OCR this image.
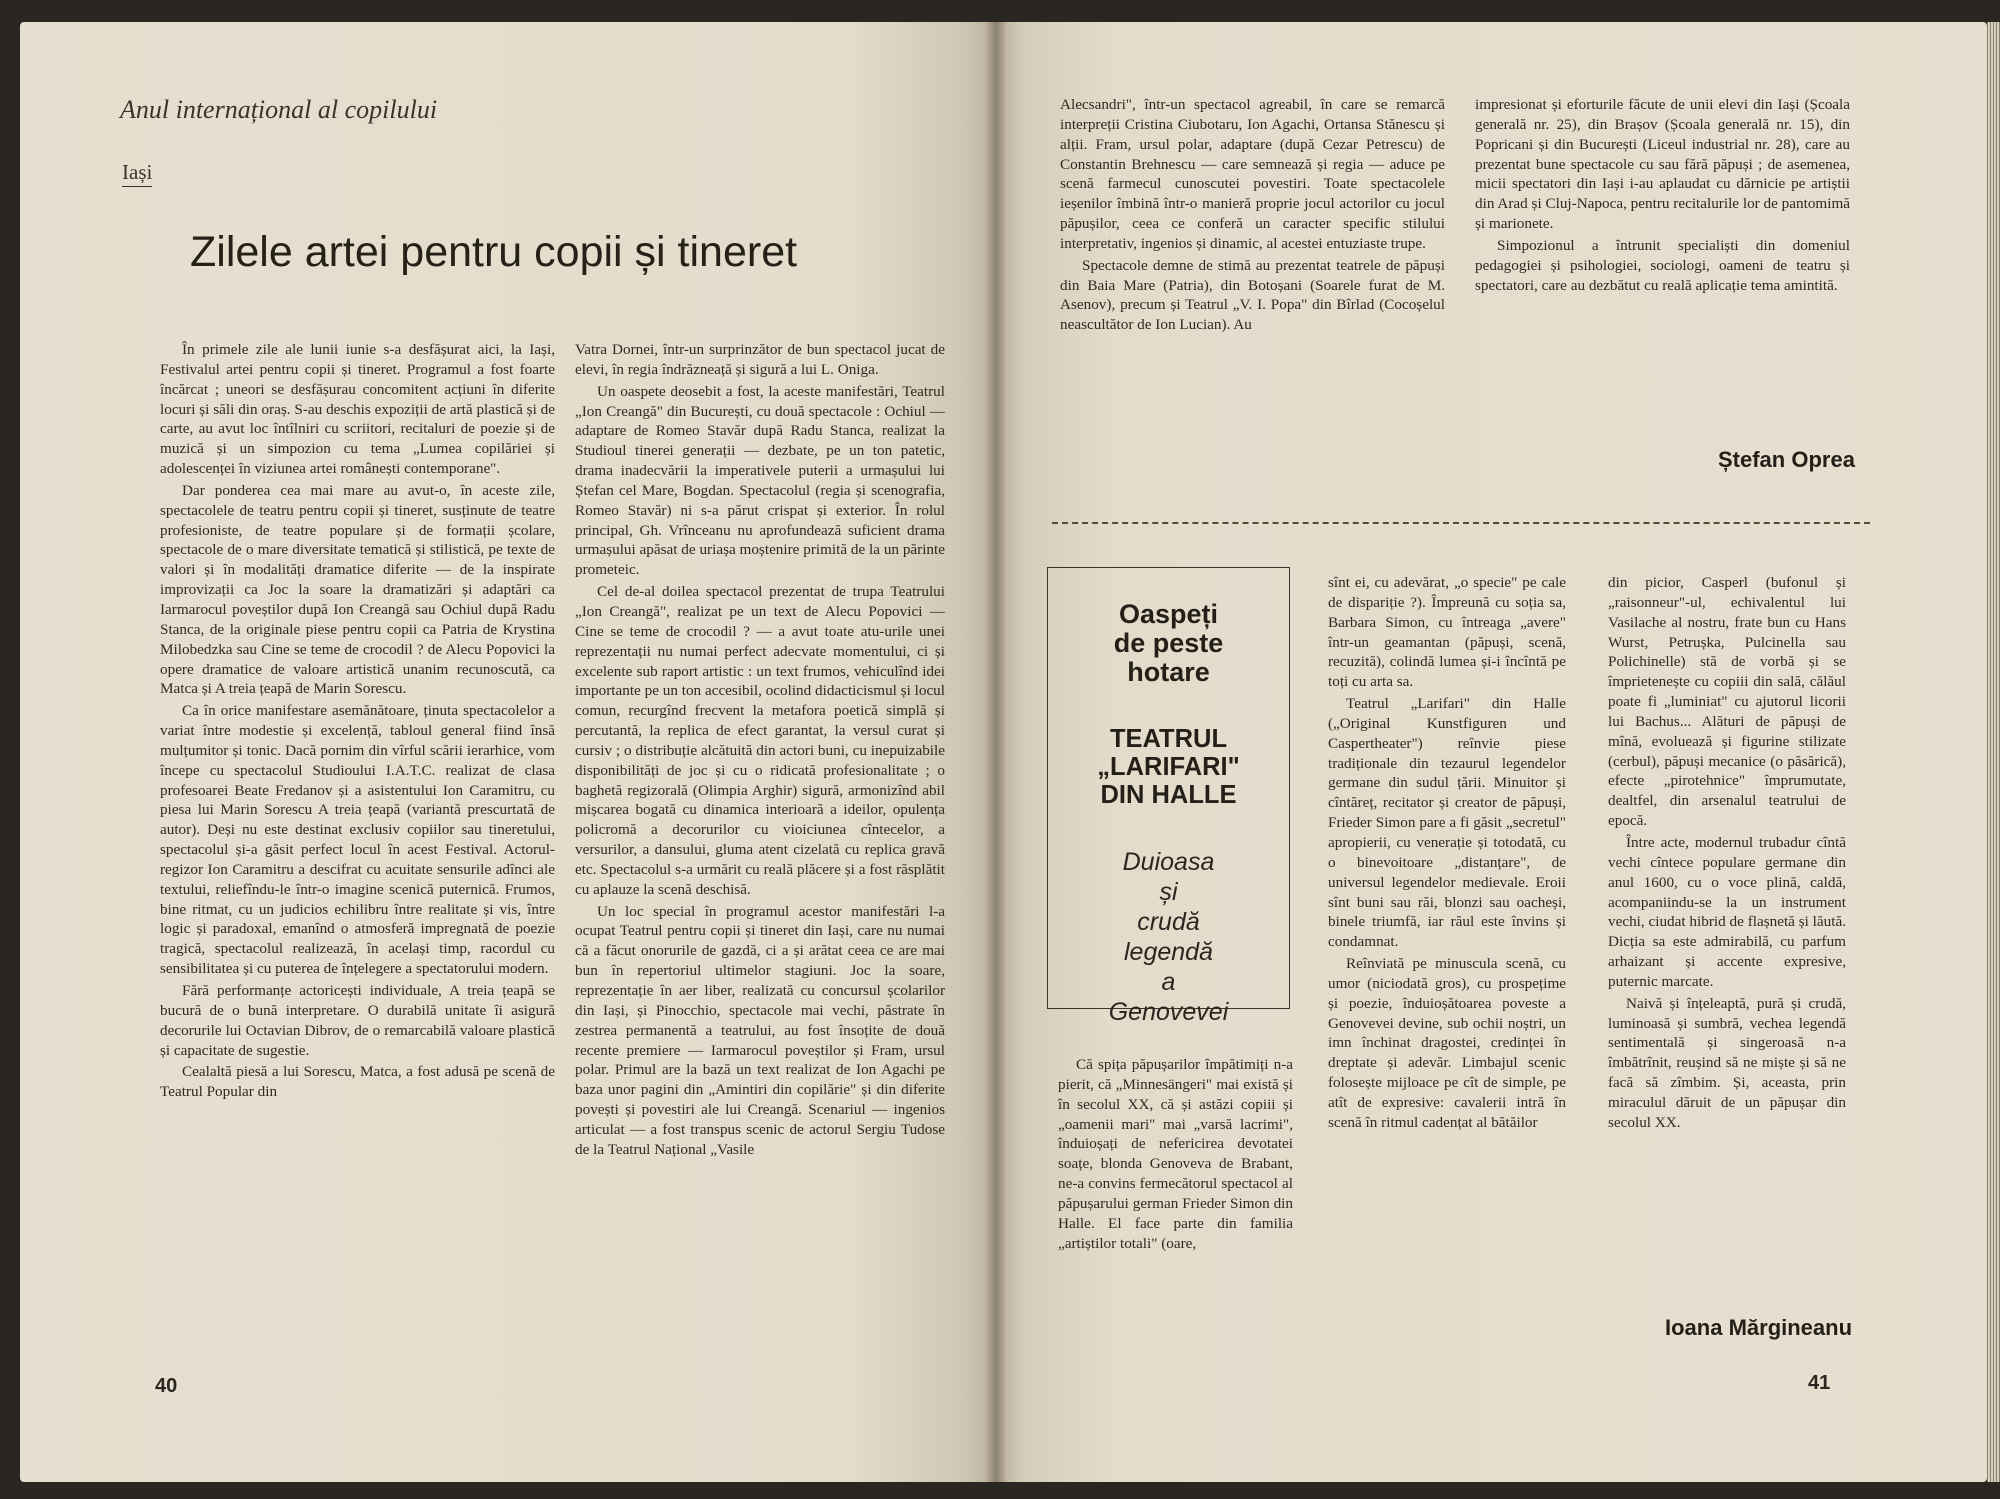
Anul internațional al copilului
Iași
Zilele artei pentru copii și tineret

În primele zile ale lunii iunie s-a desfășurat aici, la Iași, Festivalul artei pentru copii și tineret. Programul a fost foarte încărcat ; uneori se desfășurau concomitent acțiuni în diferite locuri și săli din oraș. S-au deschis expoziții de artă plastică și de carte, au avut loc întîlniri cu scriitori, recitaluri de poezie și de muzică și un simpozion cu tema „Lumea copilăriei și adolescenței în viziunea artei românești contemporane".

Dar ponderea cea mai mare au avut-o, în aceste zile, spectacolele de teatru pentru copii și tineret, susținute de teatre profesioniste, de teatre populare și de formații școlare, spectacole de o mare diversitate tematică și stilistică, pe texte de valori și în modalități dramatice diferite — de la inspirate improvizații ca Joc la soare la dramatizări și adaptări ca Iarmarocul poveștilor după Ion Creangă sau Ochiul după Radu Stanca, de la originale piese pentru copii ca Patria de Krystina Milobedzka sau Cine se teme de crocodil ? de Alecu Popovici la opere dramatice de valoare artistică unanim recunoscută, ca Matca și A treia țeapă de Marin Sorescu.

Ca în orice manifestare asemănătoare, ținuta spectacolelor a variat între modestie și excelență, tabloul general fiind însă mulțumitor și tonic. Dacă pornim din vîrful scării ierarhice, vom începe cu spectacolul Studioului I.A.T.C. realizat de clasa profesoarei Beate Fredanov și a asistentului Ion Caramitru, cu piesa lui Marin Sorescu A treia țeapă (variantă prescurtată de autor). Deși nu este destinat exclusiv copiilor sau tineretului, spectacolul și-a găsit perfect locul în acest Festival. Actorul-regizor Ion Caramitru a descifrat cu acuitate sensurile adînci ale textului, reliefîndu-le într-o imagine scenică puternică. Frumos, bine ritmat, cu un judicios echilibru între realitate și vis, între logic și paradoxal, emanînd o atmosferă impregnată de poezie tragică, spectacolul realizează, în același timp, racordul cu sensibilitatea și cu puterea de înțelegere a spectatorului modern.

Fără performanțe actoricești individuale, A treia țeapă se bucură de o bună interpretare. O durabilă unitate îi asigură decorurile lui Octavian Dibrov, de o remarcabilă valoare plastică și capacitate de sugestie.

Cealaltă piesă a lui Sorescu, Matca, a fost adusă pe scenă de Teatrul Popular din

Vatra Dornei, într-un surprinzător de bun spectacol jucat de elevi, în regia îndrăzneață și sigură a lui L. Oniga.

Un oaspete deosebit a fost, la aceste manifestări, Teatrul „Ion Creangă" din București, cu două spectacole : Ochiul — adaptare de Romeo Stavăr după Radu Stanca, realizat la Studioul tinerei generații — dezbate, pe un ton patetic, drama inadecvării la imperativele puterii a urmașului lui Ștefan cel Mare, Bogdan. Spectacolul (regia și scenografia, Romeo Stavăr) ni s-a părut crispat și exterior. În rolul principal, Gh. Vrînceanu nu aprofundează suficient drama urmașului apăsat de uriașa moștenire primită de la un părinte prometeic.

Cel de-al doilea spectacol prezentat de trupa Teatrului „Ion Creangă", realizat pe un text de Alecu Popovici — Cine se teme de crocodil ? — a avut toate atu-urile unei reprezentații nu numai perfect adecvate momentului, ci și excelente sub raport artistic : un text frumos, vehiculînd idei importante pe un ton accesibil, ocolind didacticismul și locul comun, recurgînd frecvent la metafora poetică simplă și percutantă, la replica de efect garantat, la versul curat și cursiv ; o distribuție alcătuită din actori buni, cu inepuizabile disponibilități de joc și cu o ridicată profesionalitate ; o baghetă regizorală (Olimpia Arghir) sigură, armonizînd abil mișcarea bogată cu dinamica interioară a ideilor, opulența policromă a decorurilor cu vioiciunea cîntecelor, a versurilor, a dansului, gluma atent cizelată cu replica gravă etc. Spectacolul s-a urmărit cu reală plăcere și a fost răsplătit cu aplauze la scenă deschisă.

Un loc special în programul acestor manifestări l-a ocupat Teatrul pentru copii și tineret din Iași, care nu numai că a făcut onorurile de gazdă, ci a și arătat ceea ce are mai bun în repertoriul ultimelor stagiuni. Joc la soare, reprezentație în aer liber, realizată cu concursul școlarilor din Iași, și Pinocchio, spectacole mai vechi, păstrate în zestrea permanentă a teatrului, au fost însoțite de două recente premiere — Iarmarocul poveștilor și Fram, ursul polar. Primul are la bază un text realizat de Ion Agachi pe baza unor pagini din „Amintiri din copilărie" și din diferite povești și povestiri ale lui Creangă. Scenariul — ingenios articulat — a fost transpus scenic de actorul Sergiu Tudose de la Teatrul Național „Vasile

40

Alecsandri", într-un spectacol agreabil, în care se remarcă interpreții Cristina Ciubotaru, Ion Agachi, Ortansa Stănescu și alții. Fram, ursul polar, adaptare (după Cezar Petrescu) de Constantin Brehnescu — care semnează și regia — aduce pe scenă farmecul cunoscutei povestiri. Toate spectacolele ieșenilor îmbină într-o manieră proprie jocul actorilor cu jocul păpușilor, ceea ce conferă un caracter specific stilului interpretativ, ingenios și dinamic, al acestei entuziaste trupe.

Spectacole demne de stimă au prezentat teatrele de păpuși din Baia Mare (Patria), din Botoșani (Soarele furat de M. Asenov), precum și Teatrul „V. I. Popa" din Bîrlad (Cocoșelul neascultător de Ion Lucian). Au

impresionat și eforturile făcute de unii elevi din Iași (Școala generală nr. 25), din Brașov (Școala generală nr. 15), din Popricani și din București (Liceul industrial nr. 28), care au prezentat bune spectacole cu sau fără păpuși ; de asemenea, micii spectatori din Iași i-au aplaudat cu dărnicie pe artiștii din Arad și Cluj-Napoca, pentru recitalurile lor de pantomimă și marionete.

Simpozionul a întrunit specialiști din domeniul pedagogiei și psihologiei, sociologi, oameni de teatru și spectatori, care au dezbătut cu reală aplicație tema amintită.

Ștefan Oprea
Oaspeți
de peste
hotare
TEATRUL
„LARIFARI"
DIN HALLE
Duioasa
și
crudă
legendă
a
Genovevei

Că spița păpușarilor împătimiți n-a pierit, că „Minnesängeri" mai există și în secolul XX, că și astăzi copiii și „oamenii mari" mai „varsă lacrimi", înduioșați de nefericirea devotatei soațe, blonda Genoveva de Brabant, ne-a convins fermecătorul spectacol al păpușarului german Frieder Simon din Halle. El face parte din familia „artiștilor totali" (oare,

sînt ei, cu adevărat, „o specie" pe cale de dispariție ?). Împreună cu soția sa, Barbara Simon, cu întreaga „avere" într-un geamantan (păpuși, scenă, recuzită), colindă lumea și-i încîntă pe toți cu arta sa.

Teatrul „Larifari" din Halle („Original Kunstfiguren und Caspertheater") reînvie piese tradiționale din tezaurul legendelor germane din sudul țării. Minuitor și cîntăreț, recitator și creator de păpuși, Frieder Simon pare a fi găsit „secretul" apropierii, cu venerație și totodată, cu o binevoitoare „distanțare", de universul legendelor medievale. Eroii sînt buni sau răi, blonzi sau oacheși, binele triumfă, iar răul este învins și condamnat.

Reînviată pe minuscula scenă, cu umor (niciodată gros), cu prospețime și poezie, înduioșătoarea poveste a Genovevei devine, sub ochii noștri, un imn închinat dragostei, credinței în dreptate și adevăr. Limbajul scenic folosește mijloace pe cît de simple, pe atît de expresive: cavalerii intră în scenă în ritmul cadențat al bătăilor

din picior, Casperl (bufonul și „raisonneur"-ul, echivalentul lui Vasilache al nostru, frate bun cu Hans Wurst, Petrușka, Pulcinella sau Polichinelle) stă de vorbă și se împrietenește cu copiii din sală, călăul poate fi „luminiat" cu ajutorul licorii lui Bachus... Alături de păpuși de mînă, evoluează și figurine stilizate (cerbul), păpuși mecanice (o păsărică), efecte „pirotehnice" împrumutate, dealtfel, din arsenalul teatrului de epocă.

Între acte, modernul trubadur cîntă vechi cîntece populare germane din anul 1600, cu o voce plină, caldă, acompaniindu-se la un instrument vechi, ciudat hibrid de flașnetă și lăută. Dicția sa este admirabilă, cu parfum arhaizant și accente expresive, puternic marcate.

Naivă și înțeleaptă, pură și crudă, luminoasă și sumbră, vechea legendă sentimentală și singeroasă n-a îmbătrînit, reușind să ne miște și să ne facă să zîmbim. Și, aceasta, prin miraculul dăruit de un păpușar din secolul XX.

Ioana Mărgineanu
41
